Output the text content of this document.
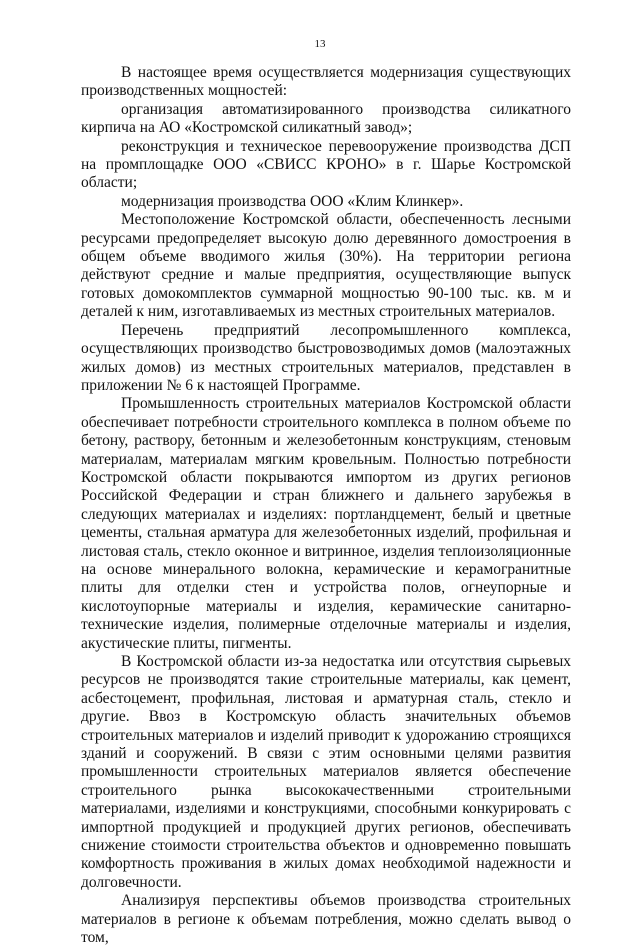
13

В настоящее время осуществляется модернизация существующих производственных мощностей:

организация автоматизированного производства силикатного кирпича на АО «Костромской силикатный завод»;

реконструкция и техническое перевооружение производства ДСП на промплощадке ООО «СВИСС КРОНО» в г. Шарье Костромской области;

модернизация производства ООО «Клим Клинкер».

Местоположение Костромской области, обеспеченность лесными ресурсами предопределяет высокую долю деревянного домостроения в общем объеме вводимого жилья (30%). На территории региона действуют средние и малые предприятия, осуществляющие выпуск готовых домокомплектов суммарной мощностью 90-100 тыс. кв. м и деталей к ним, изготавливаемых из местных строительных материалов.

Перечень предприятий лесопромышленного комплекса, осуществляющих производство быстровозводимых домов (малоэтажных жилых домов) из местных строительных материалов, представлен в приложении № 6 к настоящей Программе.

Промышленность строительных материалов Костромской области обеспечивает потребности строительного комплекса в полном объеме по бетону, раствору, бетонным и железобетонным конструкциям, стеновым материалам, материалам мягким кровельным. Полностью потребности Костромской области покрываются импортом из других регионов Российской Федерации и стран ближнего и дальнего зарубежья в следующих материалах и изделиях: портландцемент, белый и цветные цементы, стальная арматура для железобетонных изделий, профильная и листовая сталь, стекло оконное и витринное, изделия теплоизоляционные на основе минерального волокна, керамические и керамогранитные плиты для отделки стен и устройства полов, огнеупорные и кислотоупорные материалы и изделия, керамические санитарно-технические изделия, полимерные отделочные материалы и изделия, акустические плиты, пигменты.

В Костромской области из-за недостатка или отсутствия сырьевых ресурсов не производятся такие строительные материалы, как цемент, асбестоцемент, профильная, листовая и арматурная сталь, стекло и другие. Ввоз в Костромскую область значительных объемов строительных материалов и изделий приводит к удорожанию строящихся зданий и сооружений. В связи с этим основными целями развития промышленности строительных материалов является обеспечение строительного рынка высококачественными строительными материалами, изделиями и конструкциями, способными конкурировать с импортной продукцией и продукцией других регионов, обеспечивать снижение стоимости строительства объектов и одновременно повышать комфортность проживания в жилых домах необходимой надежности и долговечности.

Анализируя перспективы объемов производства строительных материалов в регионе к объемам потребления, можно сделать вывод о том,
